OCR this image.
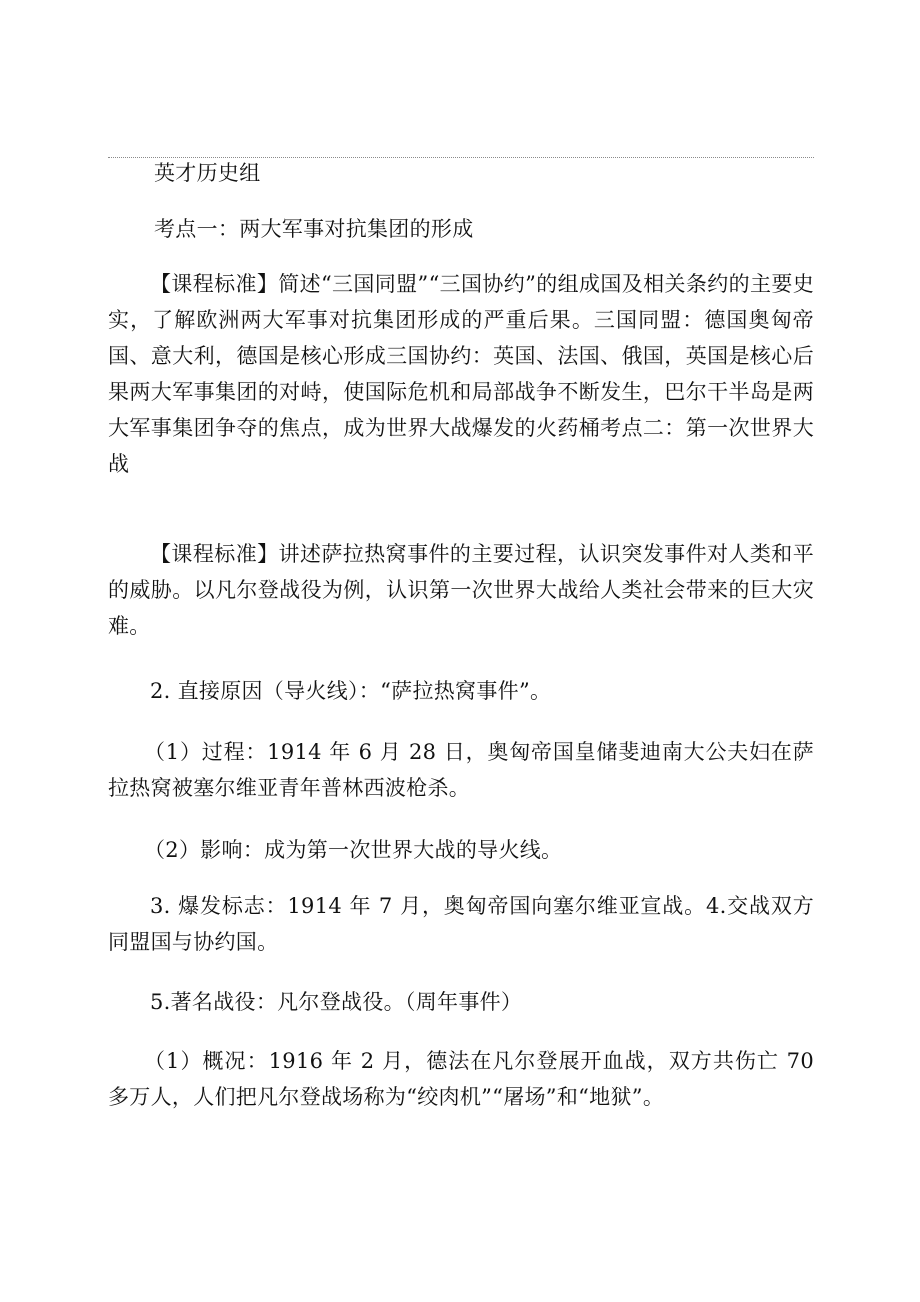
英才历史组

考点一：两大军事对抗集团的形成

【课程标准】简述“三国同盟”“三国协约”的组成国及相关条约的主要史实，了解欧洲两大军事对抗集团形成的严重后果。三国同盟：德国奥匈帝国、意大利，德国是核心形成三国协约：英国、法国、俄国，英国是核心后果两大军事集团的对峙，使国际危机和局部战争不断发生，巴尔干半岛是两大军事集团争夺的焦点，成为世界大战爆发的火药桶考点二：第一次世界大战

【课程标准】讲述萨拉热窝事件的主要过程，认识突发事件对人类和平的威胁。以凡尔登战役为例，认识第一次世界大战给人类社会带来的巨大灾难。

2. 直接原因（导火线）：“萨拉热窝事件”。

（1）过程：1914 年 6 月 28 日，奥匈帝国皇储斐迪南大公夫妇在萨拉热窝被塞尔维亚青年普林西波枪杀。

（2）影响：成为第一次世界大战的导火线。

3. 爆发标志：1914 年 7 月，奥匈帝国向塞尔维亚宣战。4.交战双方同盟国与协约国。

5.著名战役：凡尔登战役。（周年事件）

（1）概况：1916 年 2 月，德法在凡尔登展开血战，双方共伤亡 70 多万人，人们把凡尔登战场称为“绞肉机”“屠场”和“地狱”。
